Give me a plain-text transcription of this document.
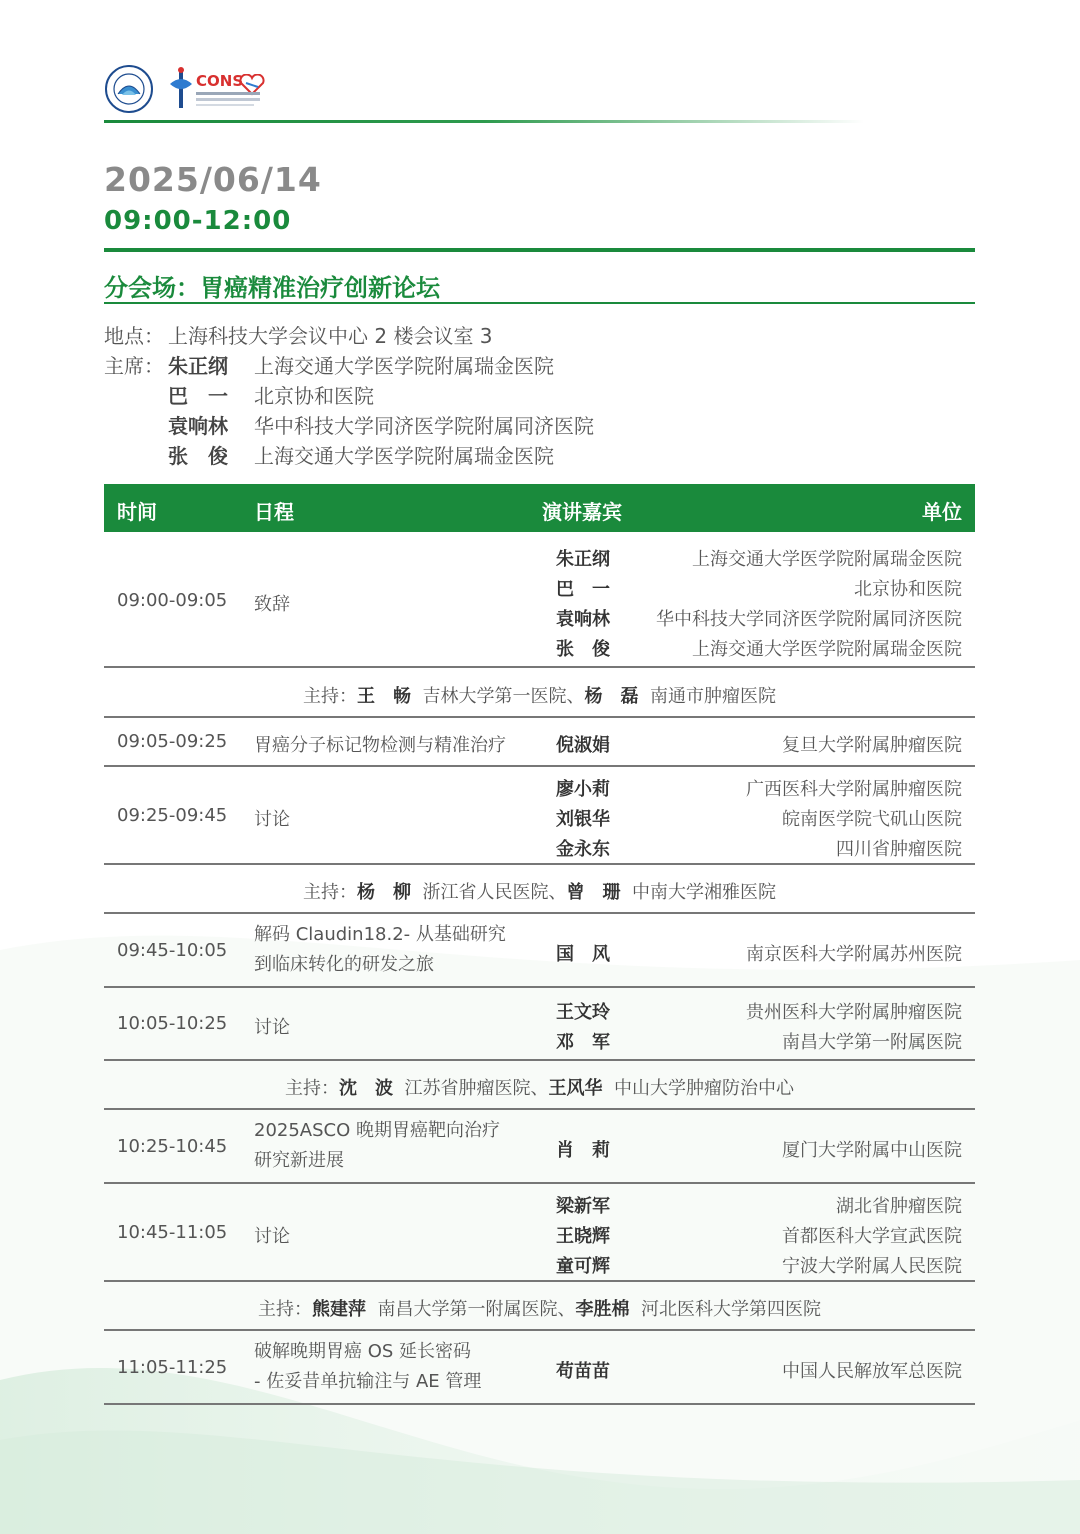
CONS
2025/06/14
09:00-12:00
分会场：胃癌精准治疗创新论坛
地点： 上海科技大学会议中心 2 楼会议室 3
主席： 朱正纲 上海交通大学医学院附属瑞金医院
巴　一 北京协和医院
袁响林 华中科技大学同济医学院附属同济医院
张　俊 上海交通大学医学院附属瑞金医院
时间	日程	演讲嘉宾	单位
09:00-09:05 致辞
朱正纲	上海交通大学医学院附属瑞金医院
巴　一	北京协和医院
袁响林	华中科技大学同济医学院附属同济医院
张　俊	上海交通大学医学院附属瑞金医院
主持：王　畅 吉林大学第一医院、杨　磊 南通市肿瘤医院
09:05-09:25 胃癌分子标记物检测与精准治疗	倪淑娟	复旦大学附属肿瘤医院
09:25-09:45 讨论
廖小莉	广西医科大学附属肿瘤医院
刘银华	皖南医学院弋矶山医院
金永东	四川省肿瘤医院
主持：杨　柳 浙江省人民医院、曾　珊 中南大学湘雅医院
09:45-10:05
解码 Claudin18.2- 从基础研究
到临床转化的研发之旅	国　风	南京医科大学附属苏州医院
10:05-10:25 讨论
王文玲	贵州医科大学附属肿瘤医院
邓　军	南昌大学第一附属医院
主持：沈　波 江苏省肿瘤医院、王风华 中山大学肿瘤防治中心
10:25-10:45
2025ASCO 晚期胃癌靶向治疗
研究新进展	肖　莉	厦门大学附属中山医院
10:45-11:05 讨论
梁新军	湖北省肿瘤医院
王晓辉	首都医科大学宣武医院
童可辉	宁波大学附属人民医院
主持：熊建萍 南昌大学第一附属医院、李胜棉 河北医科大学第四医院
11:05-11:25
破解晚期胃癌 OS 延长密码
- 佐妥昔单抗输注与 AE 管理	苟苗苗	中国人民解放军总医院
